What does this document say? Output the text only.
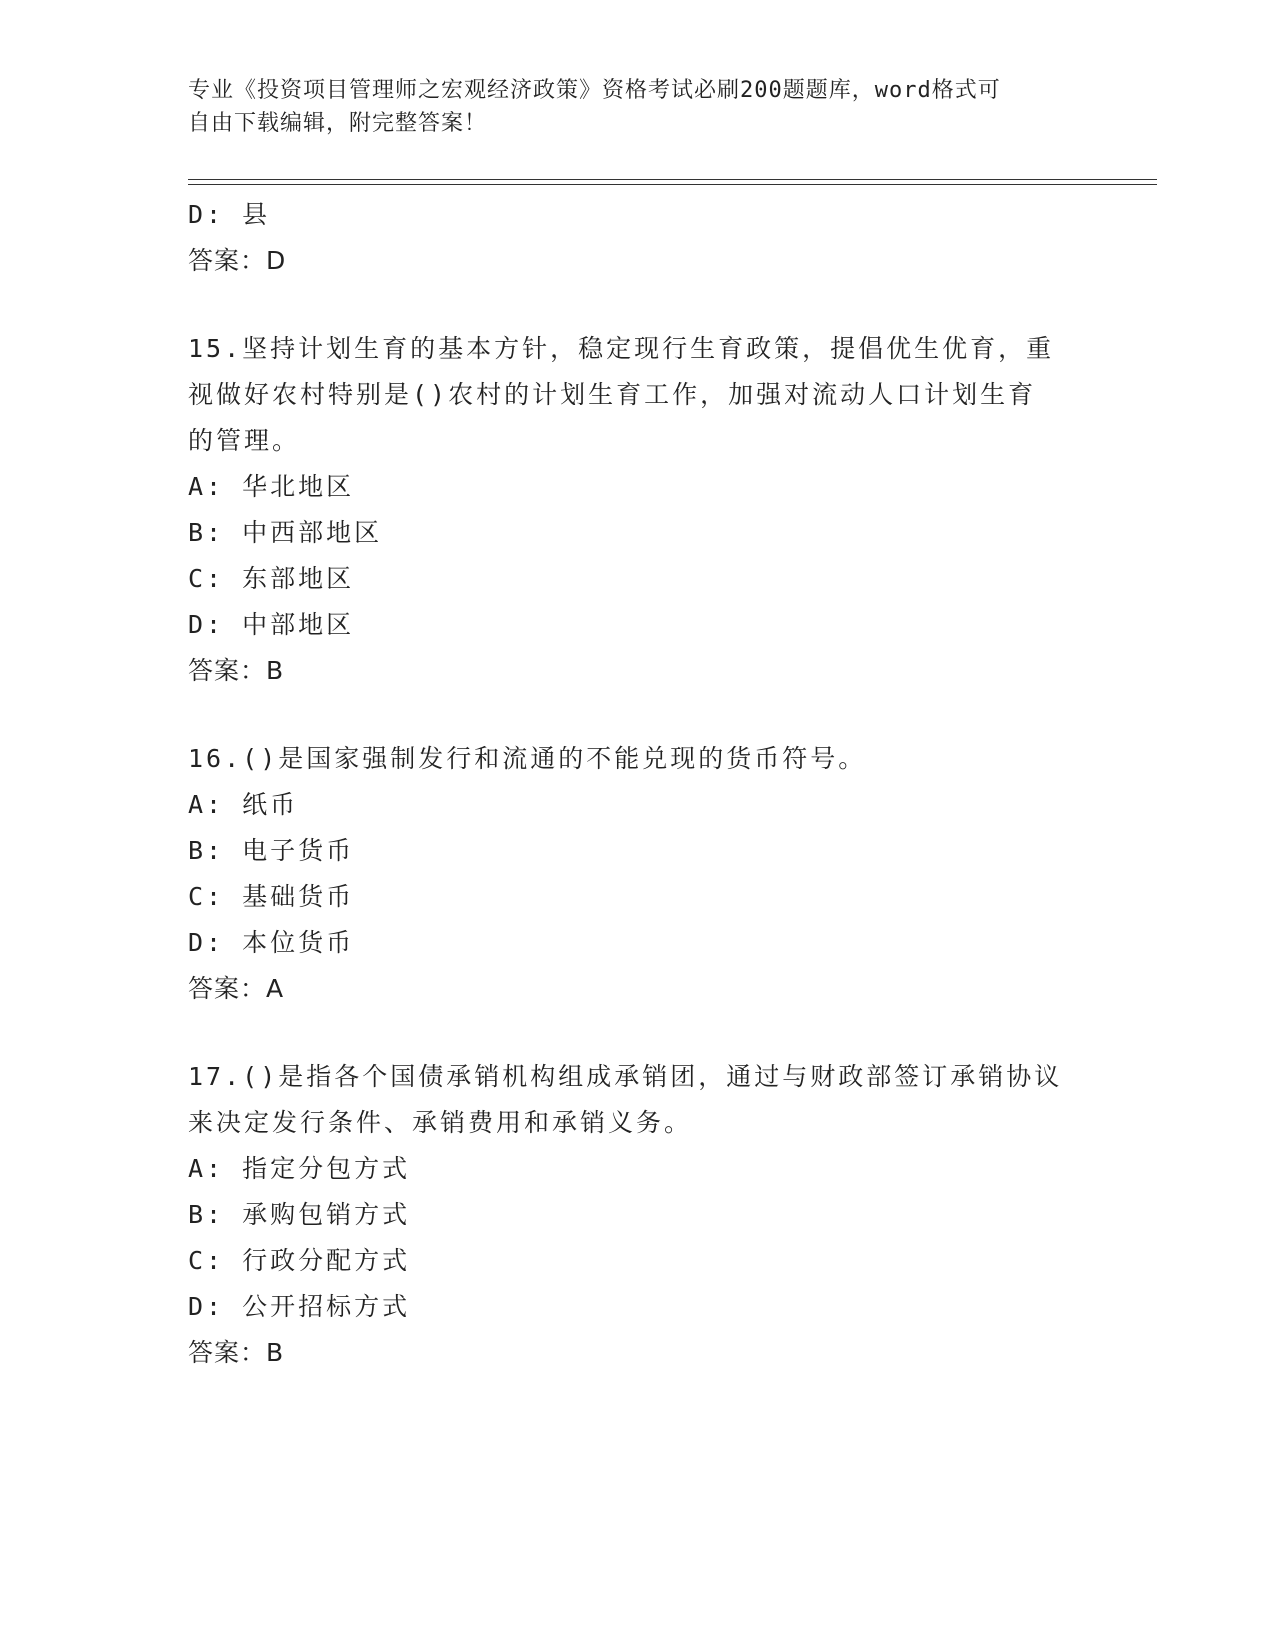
专业《投资项目管理师之宏观经济政策》资格考试必刷200题题库，word格式可
自由下载编辑，附完整答案！
D: 县
答案：D
15.坚持计划生育的基本方针，稳定现行生育政策，提倡优生优育，重
视做好农村特别是()农村的计划生育工作，加强对流动人口计划生育
的管理。
A: 华北地区
B: 中西部地区
C: 东部地区
D: 中部地区
答案：B
16.()是国家强制发行和流通的不能兑现的货币符号。
A: 纸币
B: 电子货币
C: 基础货币
D: 本位货币
答案：A
17.()是指各个国债承销机构组成承销团，通过与财政部签订承销协议
来决定发行条件、承销费用和承销义务。
A: 指定分包方式
B: 承购包销方式
C: 行政分配方式
D: 公开招标方式
答案：B
